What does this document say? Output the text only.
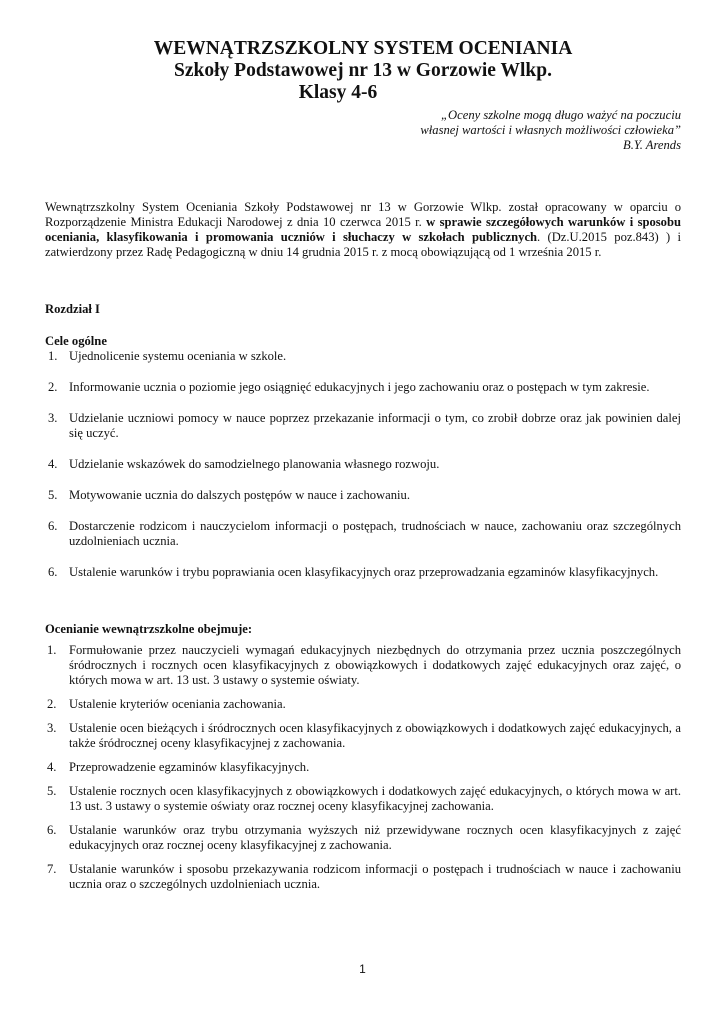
WEWNĄTRZSZKOLNY SYSTEM OCENIANIA
Szkoły Podstawowej nr 13 w Gorzowie Wlkp.
Klasy 4-6
„Oceny szkolne mogą długo ważyć na poczuciu
własnej wartości i własnych możliwości człowieka”
B.Y. Arends

Wewnątrzszkolny System Oceniania Szkoły Podstawowej nr 13 w Gorzowie Wlkp. został opracowany w oparciu o Rozporządzenie Ministra Edukacji Narodowej z dnia 10 czerwca 2015 r. w sprawie szczegółowych warunków i sposobu oceniania, klasyfikowania i promowania uczniów i słuchaczy w szkołach publicznych. (Dz.U.2015 poz.843) ) i zatwierdzony przez Radę Pedagogiczną w dniu 14 grudnia 2015 r. z mocą obowiązującą od 1 września 2015 r.

Rozdział I
Cele ogólne
1. Ujednolicenie systemu oceniania w szkole.
2. Informowanie ucznia o poziomie jego osiągnięć edukacyjnych i jego zachowaniu oraz o postępach w tym zakresie.
3. Udzielanie uczniowi pomocy w nauce poprzez przekazanie informacji o tym, co zrobił dobrze oraz jak powinien dalej się uczyć.
4. Udzielanie wskazówek do samodzielnego planowania własnego rozwoju.
5. Motywowanie ucznia do dalszych postępów w nauce i zachowaniu.
6. Dostarczenie rodzicom i nauczycielom informacji o postępach, trudnościach w nauce, zachowaniu oraz szczególnych uzdolnieniach ucznia.
6. Ustalenie warunków i trybu poprawiania ocen klasyfikacyjnych oraz przeprowadzania egzaminów klasyfikacyjnych.
Ocenianie wewnątrzszkolne obejmuje:
1. Formułowanie przez nauczycieli wymagań edukacyjnych niezbędnych do otrzymania przez ucznia poszczególnych śródrocznych i rocznych ocen klasyfikacyjnych z obowiązkowych i dodatkowych zajęć edukacyjnych oraz zajęć, o których mowa w art. 13 ust. 3 ustawy o systemie oświaty.
2. Ustalenie kryteriów oceniania zachowania.
3. Ustalenie ocen bieżących i śródrocznych ocen klasyfikacyjnych z obowiązkowych i dodatkowych zajęć edukacyjnych, a także śródrocznej oceny klasyfikacyjnej z zachowania.
4. Przeprowadzenie egzaminów klasyfikacyjnych.
5. Ustalenie rocznych ocen klasyfikacyjnych z obowiązkowych i dodatkowych zajęć edukacyjnych, o których mowa w art. 13 ust. 3 ustawy o systemie oświaty oraz rocznej oceny klasyfikacyjnej zachowania.
6. Ustalanie warunków oraz trybu otrzymania wyższych niż przewidywane rocznych ocen klasyfikacyjnych z zajęć edukacyjnych oraz rocznej oceny klasyfikacyjnej z zachowania.
7. Ustalanie warunków i sposobu przekazywania rodzicom informacji o postępach i trudnościach w nauce i zachowaniu ucznia oraz o szczególnych uzdolnieniach ucznia.
1
